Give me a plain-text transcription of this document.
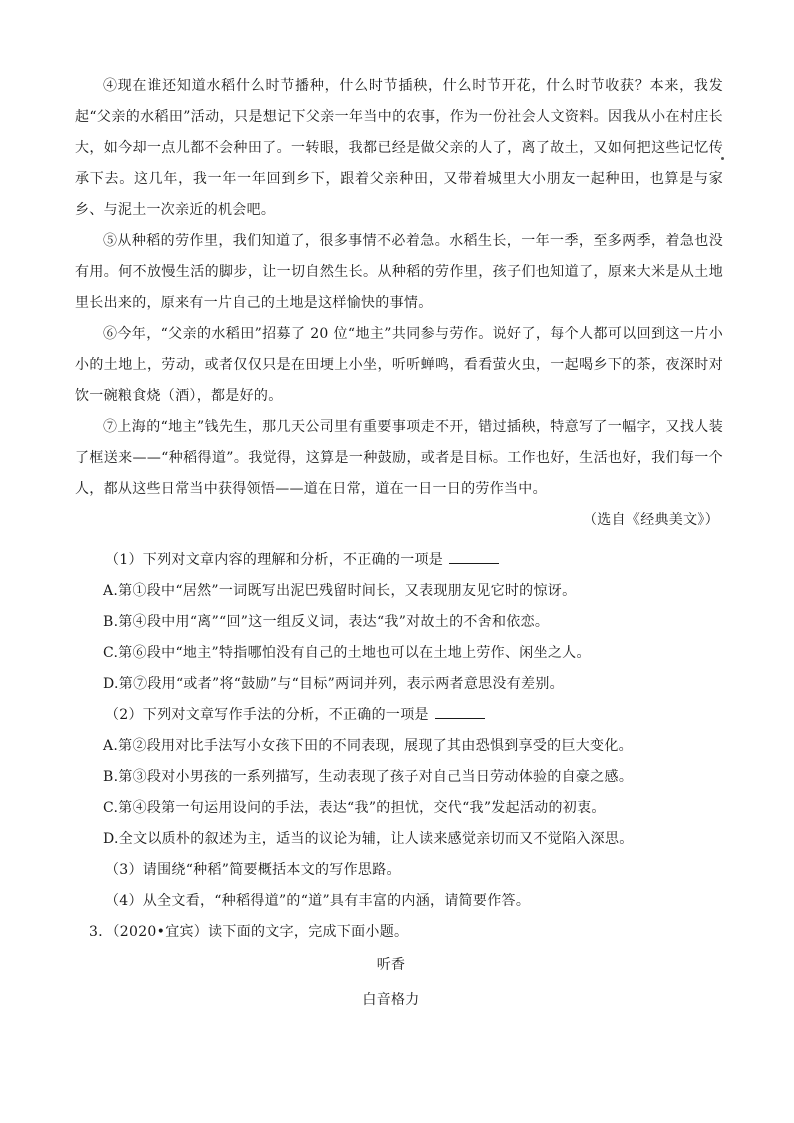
④现在谁还知道水稻什么时节播种，什么时节插秧，什么时节开花，什么时节收获？本来，我发起“父亲的水稻田”活动，只是想记下父亲一年当中的农事，作为一份社会人文资料。因我从小在村庄长大，如今却一点儿都不会种田了。一转眼，我都已经是做父亲的人了，离了故土，又如何把这些记忆传承下去。这几年，我一年一年回到乡下，跟着父亲种田，又带着城里大小朋友一起种田，也算是与家乡、与泥土一次亲近的机会吧。

⑤从种稻的劳作里，我们知道了，很多事情不必着急。水稻生长，一年一季，至多两季，着急也没有用。何不放慢生活的脚步，让一切自然生长。从种稻的劳作里，孩子们也知道了，原来大米是从土地里长出来的，原来有一片自己的土地是这样愉快的事情。

⑥今年，“父亲的水稻田”招募了 20 位“地主”共同参与劳作。说好了，每个人都可以回到这一片小小的土地上，劳动，或者仅仅只是在田埂上小坐，听听蝉鸣，看看萤火虫，一起喝乡下的茶，夜深时对饮一碗粮食烧（酒），都是好的。

⑦上海的“地主”钱先生，那几天公司里有重要事项走不开，错过插秧，特意写了一幅字，又找人装了框送来——“种稻得道”。我觉得，这算是一种鼓励，或者是目标。工作也好，生活也好，我们每一个人，都从这些日常当中获得领悟——道在日常，道在一日一日的劳作当中。

（选自《经典美文》）

（1）下列对文章内容的理解和分析，不正确的一项是

A.第①段中“居然”一词既写出泥巴残留时间长，又表现朋友见它时的惊讶。

B.第④段中用“离”“回”这一组反义词，表达“我”对故土的不舍和依恋。

C.第⑥段中“地主”特指哪怕没有自己的土地也可以在土地上劳作、闲坐之人。

D.第⑦段用“或者”将“鼓励”与“目标”两词并列，表示两者意思没有差别。

（2）下列对文章写作手法的分析，不正确的一项是

A.第②段用对比手法写小女孩下田的不同表现，展现了其由恐惧到享受的巨大变化。

B.第③段对小男孩的一系列描写，生动表现了孩子对自己当日劳动体验的自豪之感。

C.第④段第一句运用设问的手法，表达“我”的担忧，交代“我”发起活动的初衷。

D.全文以质朴的叙述为主，适当的议论为辅，让人读来感觉亲切而又不觉陷入深思。

（3）请围绕“种稻”简要概括本文的写作思路。

（4）从全文看，“种稻得道”的“道”具有丰富的内涵，请简要作答。

3．（2020•宜宾）读下面的文字，完成下面小题。

听香

白音格力
